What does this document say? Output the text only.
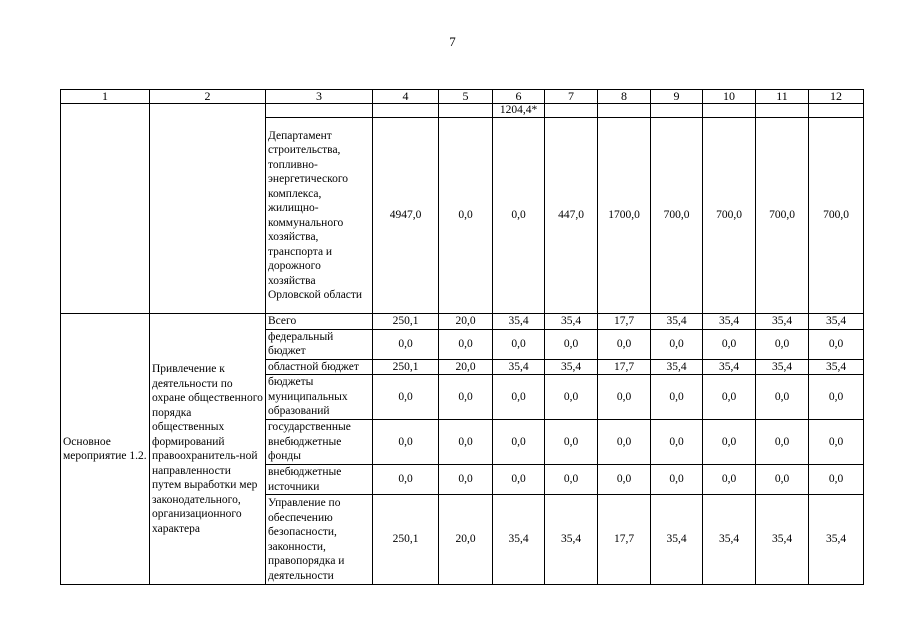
7
1	2	3	4	5	6	7	8	9	10	11	12
					1204,4*						
		Департамент строительства, топливно-энергетического комплекса, жилищно-коммунального хозяйства, транспорта и дорожного хозяйства Орловской области	4947,0	0,0	0,0	447,0	1700,0	700,0	700,0	700,0	700,0
Основное мероприятие 1.2.	Привлечение к деятельности по охране общественного порядка общественных формирований правоохранитель-ной направленности путем выработки мер законодательного, организационного характера	Всего	250,1	20,0	35,4	35,4	17,7	35,4	35,4	35,4	35,4
		федеральный бюджет	0,0	0,0	0,0	0,0	0,0	0,0	0,0	0,0	0,0
		областной бюджет	250,1	20,0	35,4	35,4	17,7	35,4	35,4	35,4	35,4
		бюджеты муниципальных образований	0,0	0,0	0,0	0,0	0,0	0,0	0,0	0,0	0,0
		государственные внебюджетные фонды	0,0	0,0	0,0	0,0	0,0	0,0	0,0	0,0	0,0
		внебюджетные источники	0,0	0,0	0,0	0,0	0,0	0,0	0,0	0,0	0,0
		Управление по обеспечению безопасности, законности, правопорядка и деятельности	250,1	20,0	35,4	35,4	17,7	35,4	35,4	35,4	35,4
